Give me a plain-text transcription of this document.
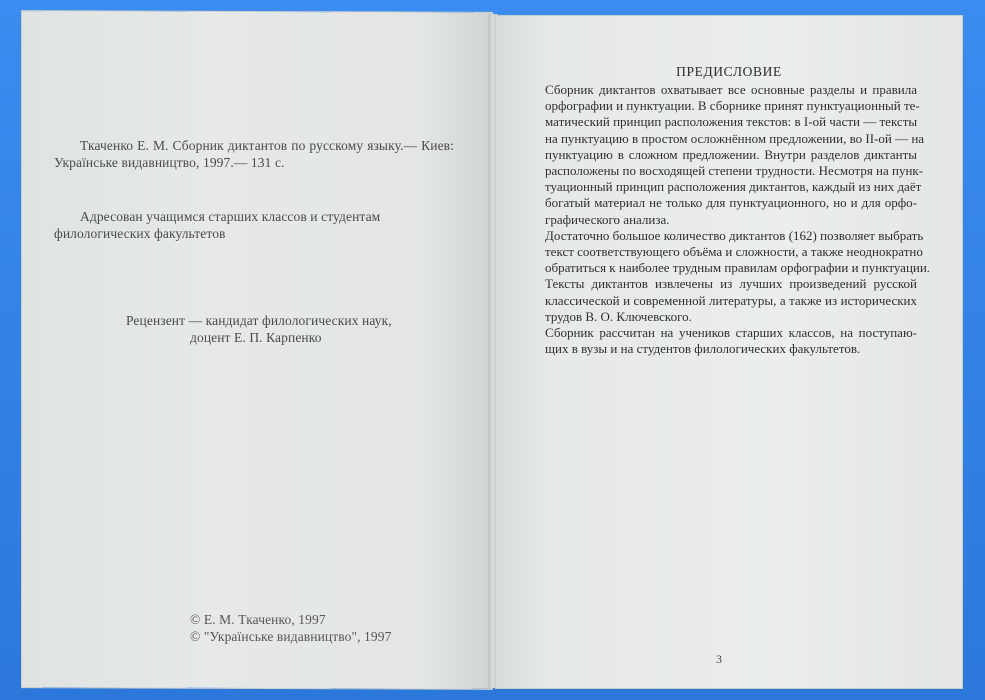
Ткаченко Е. М. Сборник диктантов по русскому языку.— Киев: Українське видавництво, 1997.— 131 с.

Адресован учащимся старших классов и студентам филологических факультетов

Рецензент — кандидат филологических наук,
доцент Е. П. Карпенко
© Е. М. Ткаченко, 1997
© "Українське видавництво", 1997
ПРЕДИСЛОВИЕ

Сборник диктантов охватывает все основные разделы и правила
орфографии и пунктуации. В сборнике принят пунктуационный те-
матический принцип расположения текстов: в I-ой части — тексты
на пунктуацию в простом осложнённом предложении, во II-ой — на
пунктуацию в сложном предложении. Внутри разделов диктанты
расположены по восходящей степени трудности. Несмотря на пунк-
туационный принцип расположения диктантов, каждый из них даёт
богатый материал не только для пунктуационного, но и для орфо-
графического анализа.

Достаточно большое количество диктантов (162) позволяет выбрать
текст соответствующего объёма и сложности, а также неоднократно
обратиться к наиболее трудным правилам орфографии и пунктуации.

Тексты диктантов извлечены из лучших произведений русской
классической и современной литературы, а также из исторических
трудов В. О. Ключевского.

Сборник рассчитан на учеников старших классов, на поступаю-
щих в вузы и на студентов филологических факультетов.

3
